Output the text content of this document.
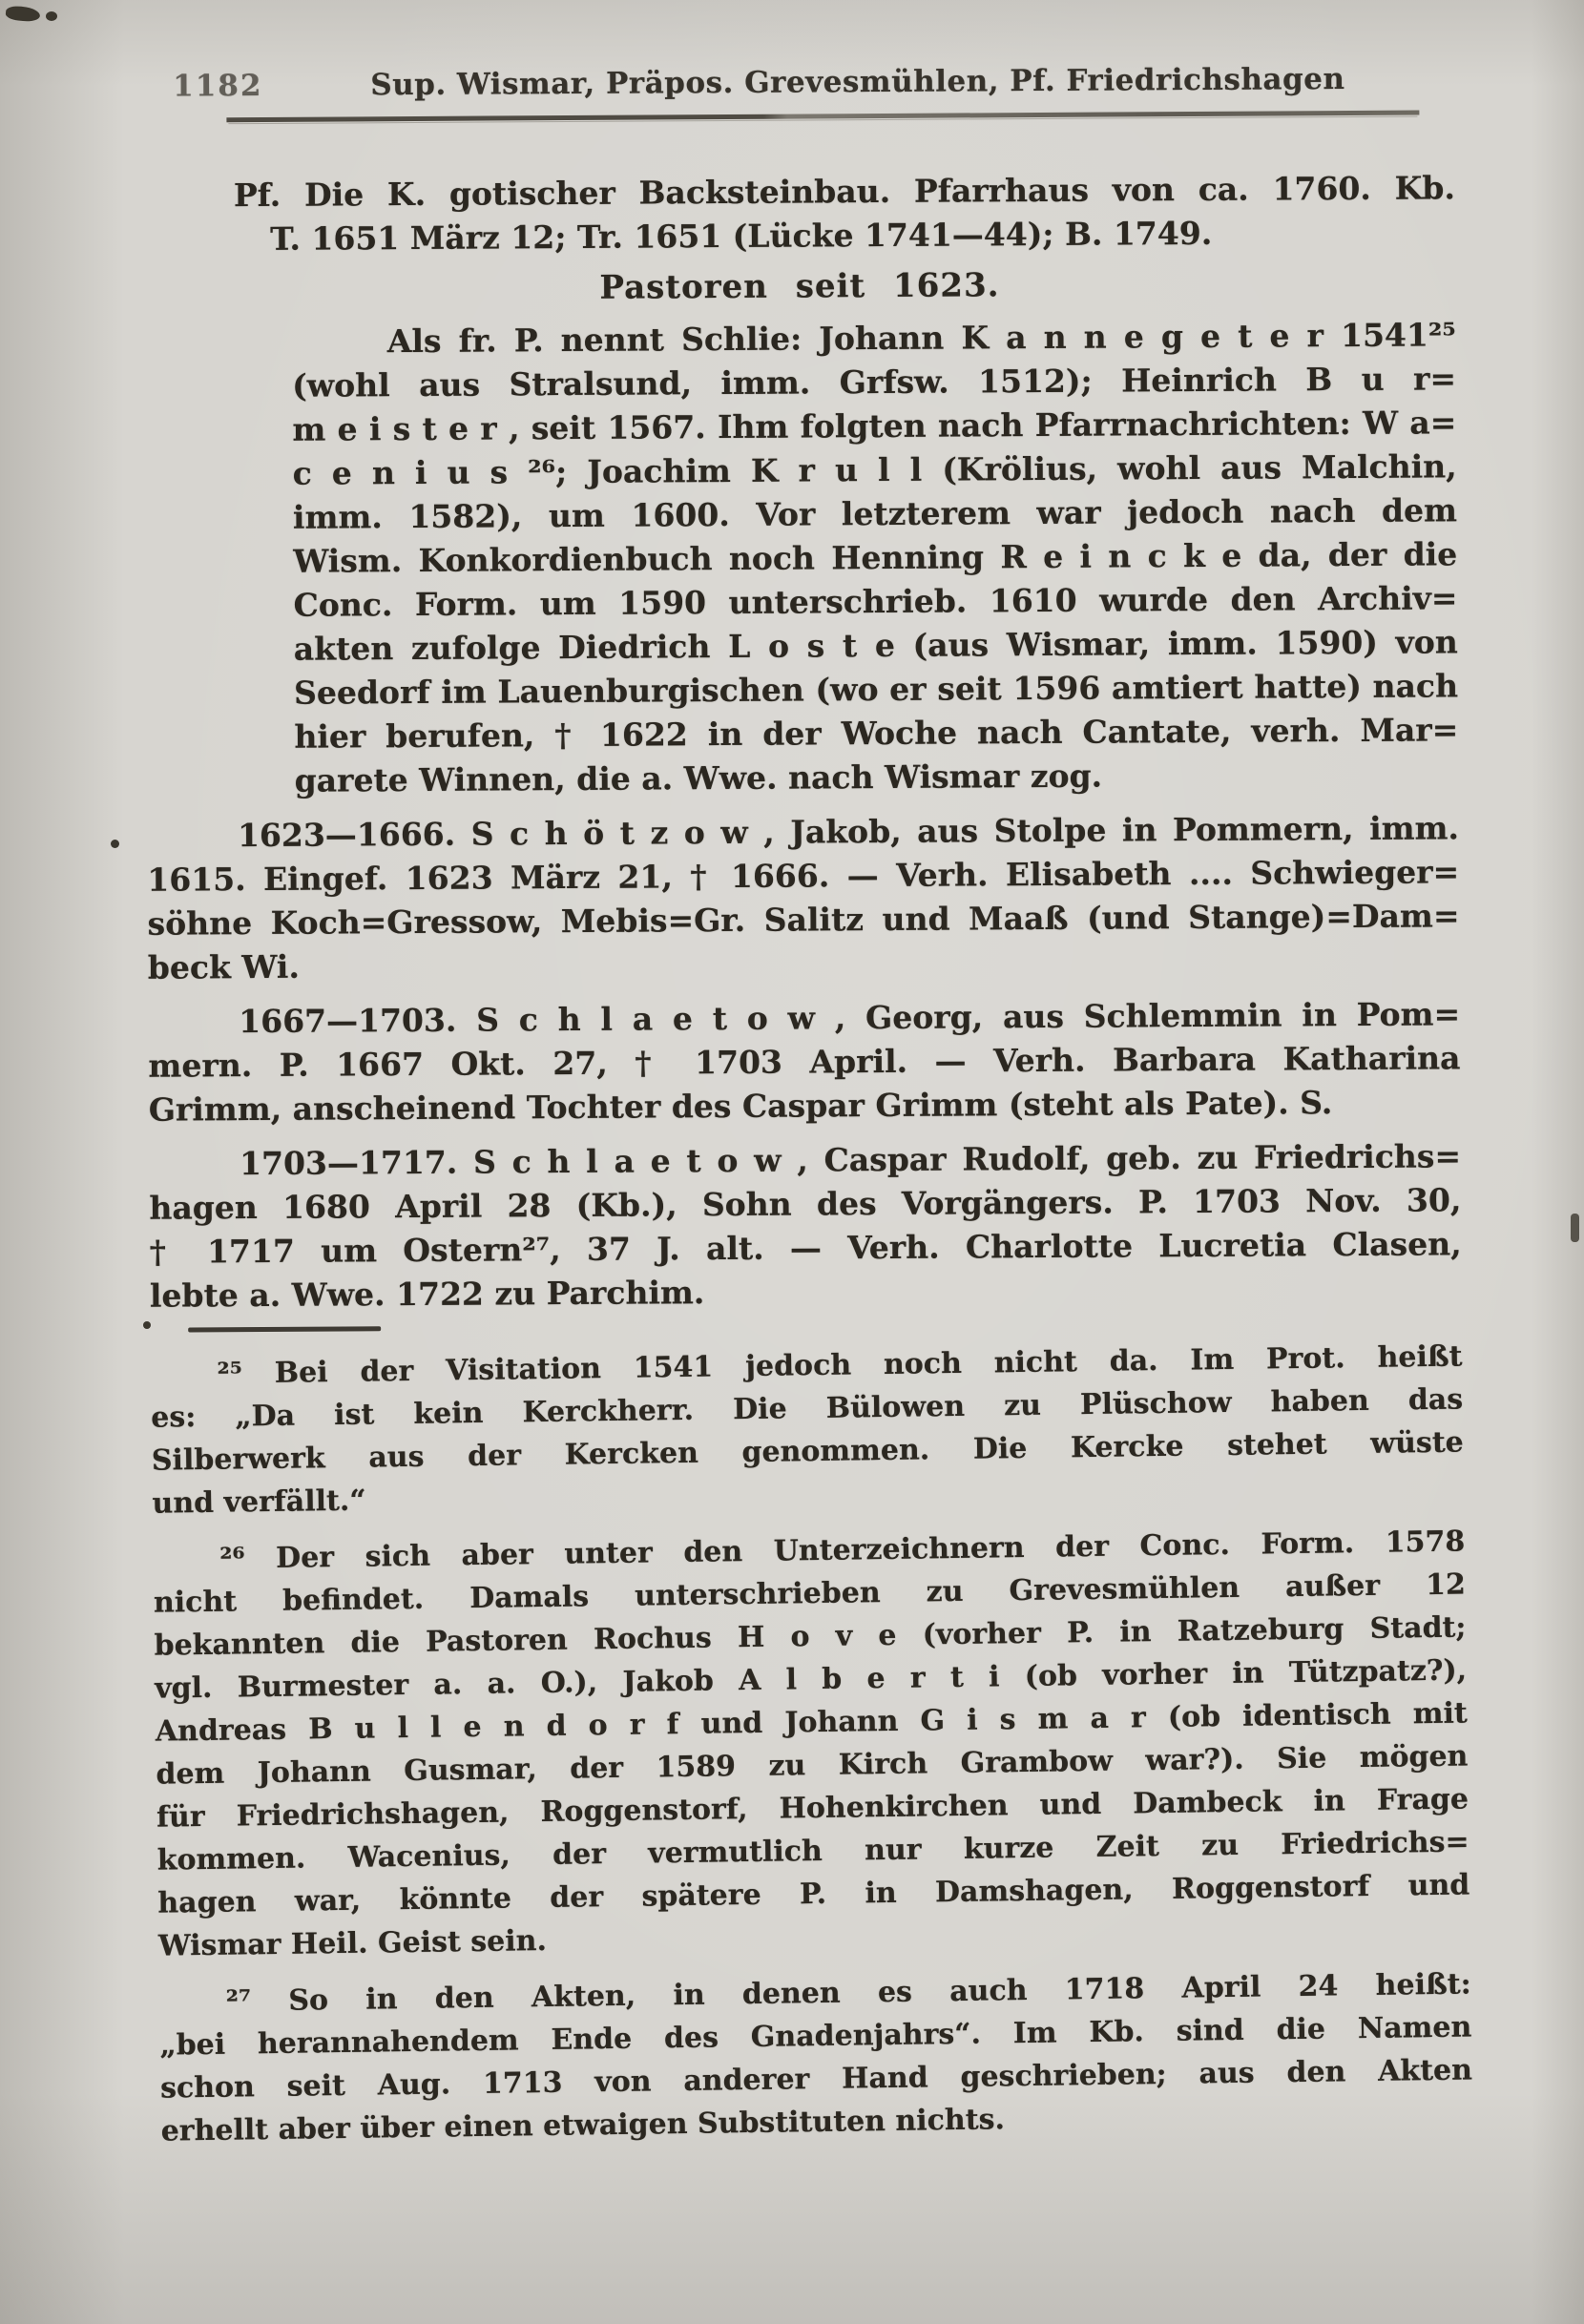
1182	Sup. Wismar, Präpos. Grevesmühlen, Pf. Friedrichshagen
Pf. Die K. gotischer Backsteinbau. Pfarrhaus von ca. 1760. Kb.
T. 1651 März 12; Tr. 1651 (Lücke 1741—44); B. 1749.
Pastoren seit 1623.
Als fr. P. nennt Schlie: Johann K a n n e g e t e r 1541²⁵
(wohl aus Stralsund, imm. Grfsw. 1512); Heinrich B u r=
m e i s t e r , seit 1567. Ihm folgten nach Pfarrnachrichten: W a=
c e n i u s ²⁶; Joachim K r u l l (Krölius, wohl aus Malchin,
imm. 1582), um 1600. Vor letzterem war jedoch nach dem
Wism. Konkordienbuch noch Henning R e i n c k e da, der die
Conc. Form. um 1590 unterschrieb. 1610 wurde den Archiv=
akten zufolge Diedrich L o s t e (aus Wismar, imm. 1590) von
Seedorf im Lauenburgischen (wo er seit 1596 amtiert hatte) nach
hier berufen, † 1622 in der Woche nach Cantate, verh. Mar=
garete Winnen, die a. Wwe. nach Wismar zog.
1623—1666. S c h ö t z o w , Jakob, aus Stolpe in Pommern, imm.
1615. Eingef. 1623 März 21, † 1666. — Verh. Elisabeth .... Schwieger=
söhne Koch=Gressow, Mebis=Gr. Salitz und Maaß (und Stange)=Dam=
beck Wi.
1667—1703. S c h l a e t o w , Georg, aus Schlemmin in Pom=
mern. P. 1667 Okt. 27, † 1703 April. — Verh. Barbara Katharina
Grimm, anscheinend Tochter des Caspar Grimm (steht als Pate). S.
1703—1717. S c h l a e t o w , Caspar Rudolf, geb. zu Friedrichs=
hagen 1680 April 28 (Kb.), Sohn des Vorgängers. P. 1703 Nov. 30,
† 1717 um Ostern²⁷, 37 J. alt. — Verh. Charlotte Lucretia Clasen,
lebte a. Wwe. 1722 zu Parchim.
²⁵ Bei der Visitation 1541 jedoch noch nicht da. Im Prot. heißt
es: „Da ist kein Kerckherr. Die Bülowen zu Plüschow haben das
Silberwerk aus der Kercken genommen. Die Kercke stehet wüste
und verfällt.“
²⁶ Der sich aber unter den Unterzeichnern der Conc. Form. 1578
nicht befindet. Damals unterschrieben zu Grevesmühlen außer 12
bekannten die Pastoren Rochus H o v e (vorher P. in Ratzeburg Stadt;
vgl. Burmester a. a. O.), Jakob A l b e r t i (ob vorher in Tützpatz?),
Andreas B u l l e n d o r f und Johann G i s m a r (ob identisch mit
dem Johann Gusmar, der 1589 zu Kirch Grambow war?). Sie mögen
für Friedrichshagen, Roggenstorf, Hohenkirchen und Dambeck in Frage
kommen. Wacenius, der vermutlich nur kurze Zeit zu Friedrichs=
hagen war, könnte der spätere P. in Damshagen, Roggenstorf und
Wismar Heil. Geist sein.
²⁷ So in den Akten, in denen es auch 1718 April 24 heißt:
„bei herannahendem Ende des Gnadenjahrs“. Im Kb. sind die Namen
schon seit Aug. 1713 von anderer Hand geschrieben; aus den Akten
erhellt aber über einen etwaigen Substituten nichts.
